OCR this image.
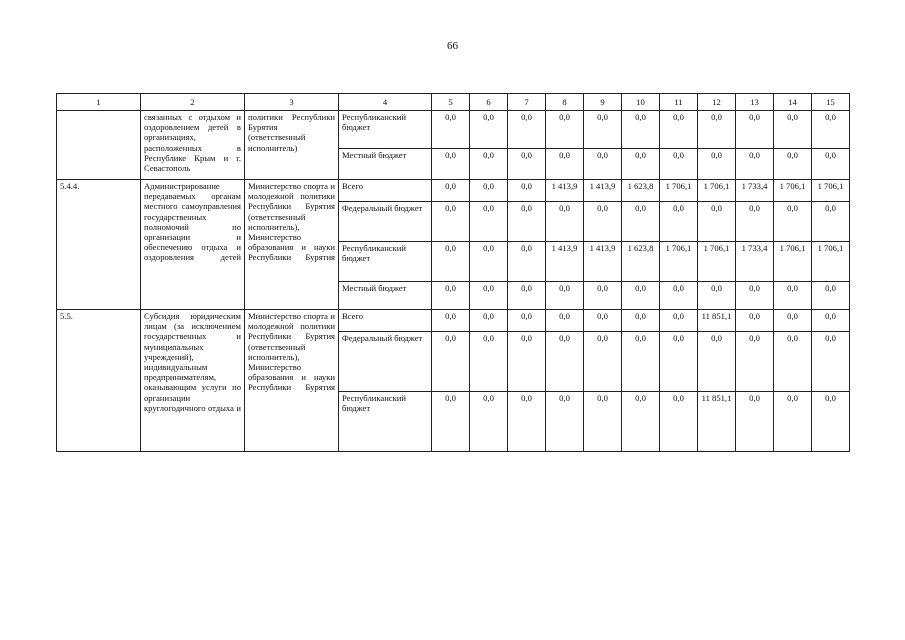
66
1	2	3	4	5	6	7	8	9	10	11	12	13	14	15
	связанных с отдыхом и оздоровлением детей в организациях, расположенных в Республике Крым и г. Севастополь	политики Республики Бурятия (ответственный исполнитель)	Республиканский бюджет	0,0	0,0	0,0	0,0	0,0	0,0	0,0	0,0	0,0	0,0	0,0
			Местный бюджет	0,0	0,0	0,0	0,0	0,0	0,0	0,0	0,0	0,0	0,0	0,0
5.4.4.	Администрирование передаваемых органам местного самоуправления государственных полномочий по организации и обеспечению отдыха и оздоровления детей	Министерство спорта и молодежной политики Республики Бурятия (ответственный исполнитель), Министерство образования и науки Республики Бурятия	Всего	0,0	0,0	0,0	1 413,9	1 413,9	1 623,8	1 706,1	1 706,1	1 733,4	1 706,1	1 706,1
			Федеральный бюджет	0,0	0,0	0,0	0,0	0,0	0,0	0,0	0,0	0,0	0,0	0,0
			Республиканский бюджет	0,0	0,0	0,0	1 413,9	1 413,9	1 623,8	1 706,1	1 706,1	1 733,4	1 706,1	1 706,1
			Местный бюджет	0,0	0,0	0,0	0,0	0,0	0,0	0,0	0,0	0,0	0,0	0,0
5.5.	Субсидия юридическим лицам (за исключением государственных и муниципальных учреждений), индивидуальным предпринимателям, оказывающим услуги по организации круглогодичного отдыха и	Министерство спорта и молодежной политики Республики Бурятия (ответственный исполнитель), Министерство образования и науки Республики Бурятия	Всего	0,0	0,0	0,0	0,0	0,0	0,0	0,0	11 851,1	0,0	0,0	0,0
			Федеральный бюджет	0,0	0,0	0,0	0,0	0,0	0,0	0,0	0,0	0,0	0,0	0,0
			Республиканский бюджет	0,0	0,0	0,0	0,0	0,0	0,0	0,0	11 851,1	0,0	0,0	0,0
